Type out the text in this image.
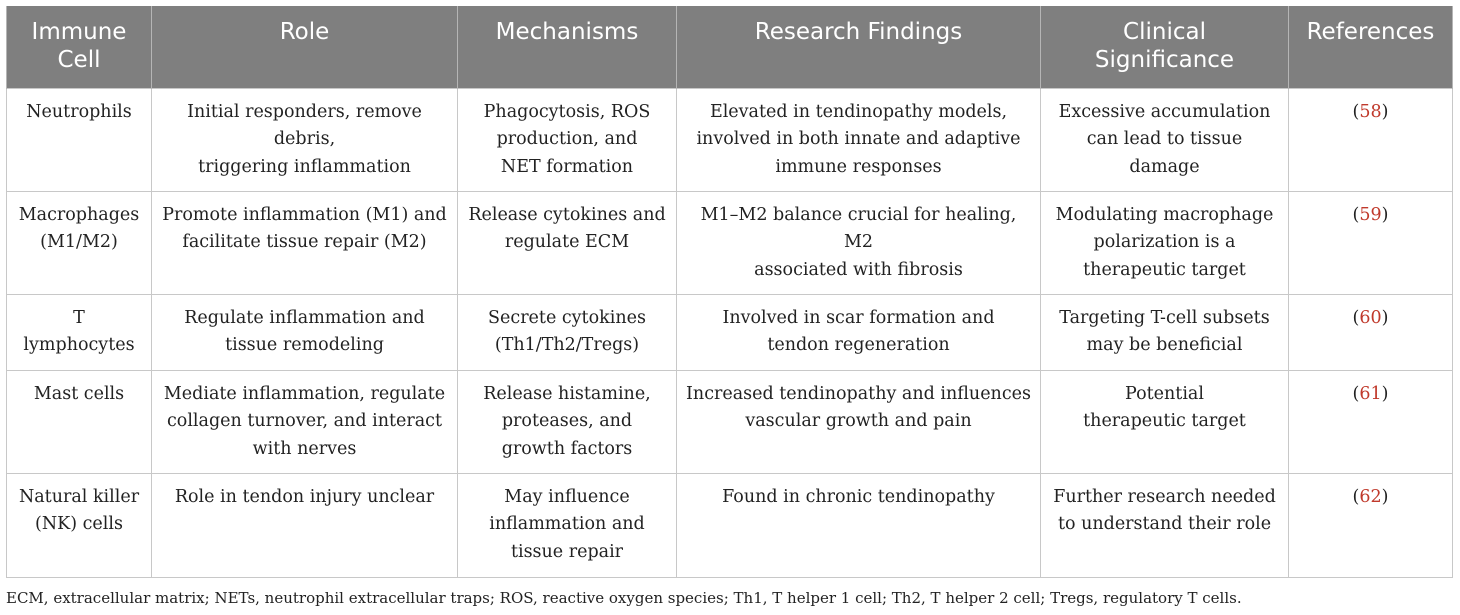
Immune
Cell	Role	Mechanisms	Research Findings	Clinical
Significance	References
Neutrophils	Initial responders, remove debris,
triggering inflammation	Phagocytosis, ROS
production, and
NET formation	Elevated in tendinopathy models,
involved in both innate and adaptive
immune responses	Excessive accumulation
can lead to tissue damage	(58)
Macrophages
(M1/M2)	Promote inflammation (M1) and
facilitate tissue repair (M2)	Release cytokines and
regulate ECM	M1–M2 balance crucial for healing, M2
associated with fibrosis	Modulating macrophage
polarization is a
therapeutic target	(59)
T
lymphocytes	Regulate inflammation and
tissue remodeling	Secrete cytokines
(Th1/Th2/Tregs)	Involved in scar formation and
tendon regeneration	Targeting T-cell subsets
may be beneficial	(60)
Mast cells	Mediate inflammation, regulate
collagen turnover, and interact
with nerves	Release histamine,
proteases, and
growth factors	Increased tendinopathy and influences
vascular growth and pain	Potential
therapeutic target	(61)
Natural killer
(NK) cells	Role in tendon injury unclear	May influence
inflammation and
tissue repair	Found in chronic tendinopathy	Further research needed
to understand their role	(62)
ECM, extracellular matrix; NETs, neutrophil extracellular traps; ROS, reactive oxygen species; Th1, T helper 1 cell; Th2, T helper 2 cell; Tregs, regulatory T cells.
